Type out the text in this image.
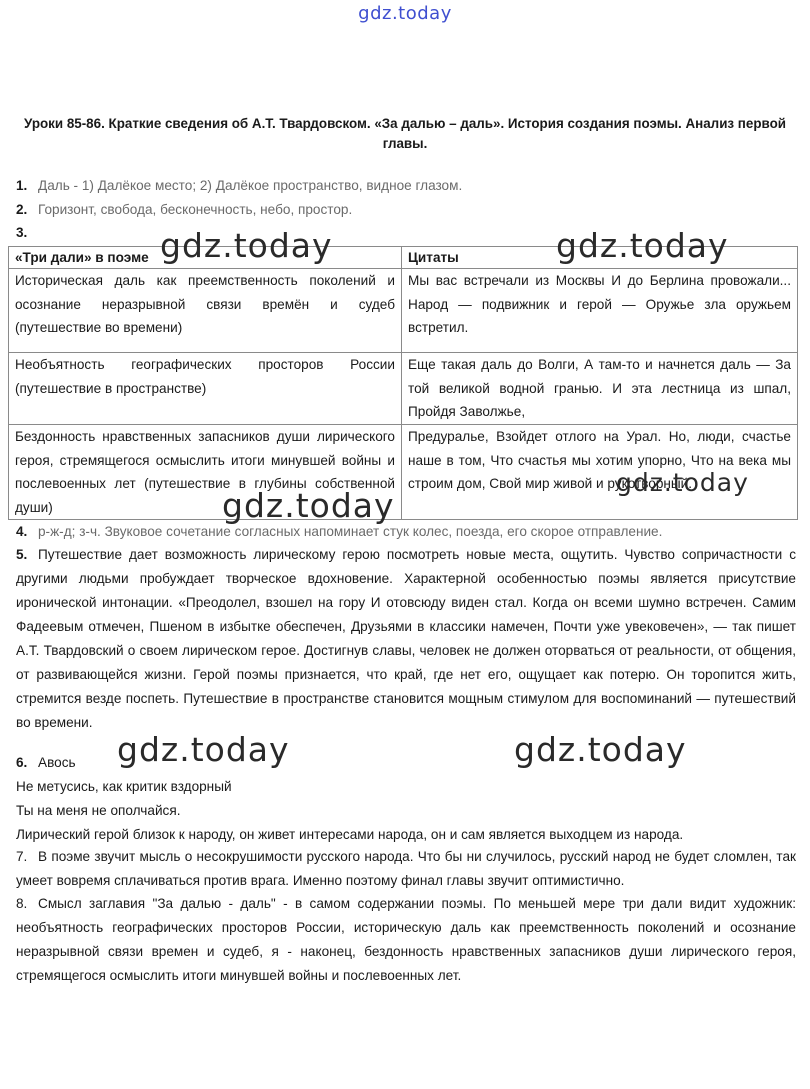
gdz.today
Уроки 85-86. Краткие сведения об А.Т. Твардовском. «За далью – даль». История создания поэмы. Анализ первой главы.
1. Даль - 1) Далёкое место; 2) Далёкое пространство, видное глазом.
2. Горизонт, свобода, бесконечность, небо, простор.
3.
«Три дали» в поэме	Цитаты
Историческая даль как преемственность поколений и осознание неразрывной связи времён и судеб (путешествие во времени)	Мы вас встречали из Москвы И до Берлина провожали... Народ — подвижник и герой — Оружье зла оружьем встретил.
Необъятность географических просторов России (путешествие в пространстве)	Еще такая даль до Волги, А там-то и начнется даль — За той великой водной гранью. И эта лестница из шпал, Пройдя Заволжье,
Бездонность нравственных запасников души лирического героя, стремящегося осмыслить итоги минувшей войны и послевоенных лет (путешествие в глубины собственной души)	Предуралье, Взойдет отлого на Урал. Но, люди, счастье наше в том, Что счастья мы хотим упорно, Что на века мы строим дом, Свой мир живой и рукотворный.
4. р-ж-д; з-ч. Звуковое сочетание согласных напоминает стук колес, поезда, его скорое отправление.
5. Путешествие дает возможность лирическому герою посмотреть новые места, ощутить. Чувство сопричастности с другими людьми пробуждает творческое вдохновение. Характерной особенностью поэмы является присутствие иронической интонации. «Преодолел, взошел на гору И отовсюду виден стал. Когда он всеми шумно встречен. Самим Фадеевым отмечен, Пшеном в избытке обеспечен, Друзьями в классики намечен, Почти уже увековечен», — так пишет А.Т. Твардовский о своем лирическом герое. Достигнув славы, человек не должен оторваться от реальности, от общения, от развивающейся жизни. Герой поэмы признается, что край, где нет его, ощущает как потерю. Он торопится жить, стремится везде поспеть. Путешествие в пространстве становится мощным стимулом для воспоминаний — путешествий во времени.
6. Авось
Не метусись, как критик вздорный
Ты на меня не ополчайся.
Лирический герой близок к народу, он живет интересами народа, он и сам является выходцем из народа.
7. В поэме звучит мысль о несокрушимости русского народа. Что бы ни случилось, русский народ не будет сломлен, так умеет вовремя сплачиваться против врага. Именно поэтому финал главы звучит оптимистично.
8. Смысл заглавия "За далью - даль" - в самом содержании поэмы. По меньшей мере три дали видит художник: необъятность географических просторов России, историческую даль как преемственность поколений и осознание неразрывной связи времен и судеб, я - наконец, бездонность нравственных запасников души лирического героя, стремящегося осмыслить итоги минувшей войны и послевоенных лет.
gdz.today	gdz.today
gdz.today
gdz.today
gdz.today	gdz.today
